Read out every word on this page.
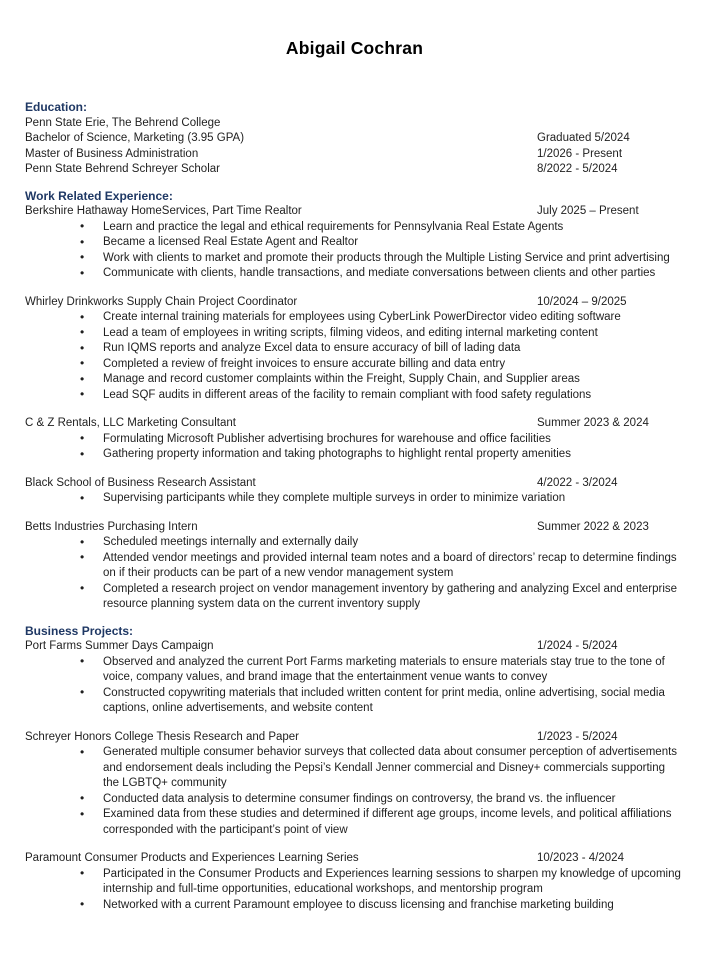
Abigail Cochran
Education:
Penn State Erie, The Behrend College
Bachelor of Science, Marketing (3.95 GPA)	Graduated 5/2024
Master of Business Administration	1/2026 - Present
Penn State Behrend Schreyer Scholar	8/2022 - 5/2024
Work Related Experience:
Berkshire Hathaway HomeServices, Part Time Realtor	July 2025 – Present
• Learn and practice the legal and ethical requirements for Pennsylvania Real Estate Agents
• Became a licensed Real Estate Agent and Realtor
• Work with clients to market and promote their products through the Multiple Listing Service and print advertising
• Communicate with clients, handle transactions, and mediate conversations between clients and other parties
Whirley Drinkworks Supply Chain Project Coordinator	10/2024 – 9/2025
• Create internal training materials for employees using CyberLink PowerDirector video editing software
• Lead a team of employees in writing scripts, filming videos, and editing internal marketing content
• Run IQMS reports and analyze Excel data to ensure accuracy of bill of lading data
• Completed a review of freight invoices to ensure accurate billing and data entry
• Manage and record customer complaints within the Freight, Supply Chain, and Supplier areas
• Lead SQF audits in different areas of the facility to remain compliant with food safety regulations
C & Z Rentals, LLC Marketing Consultant	Summer 2023 & 2024
• Formulating Microsoft Publisher advertising brochures for warehouse and office facilities
• Gathering property information and taking photographs to highlight rental property amenities
Black School of Business Research Assistant	4/2022 - 3/2024
• Supervising participants while they complete multiple surveys in order to minimize variation
Betts Industries Purchasing Intern	Summer 2022 & 2023
• Scheduled meetings internally and externally daily
• Attended vendor meetings and provided internal team notes and a board of directors’ recap to determine findings on if their products can be part of a new vendor management system
• Completed a research project on vendor management inventory by gathering and analyzing Excel and enterprise resource planning system data on the current inventory supply
Business Projects:
Port Farms Summer Days Campaign	1/2024 - 5/2024
• Observed and analyzed the current Port Farms marketing materials to ensure materials stay true to the tone of voice, company values, and brand image that the entertainment venue wants to convey
• Constructed copywriting materials that included written content for print media, online advertising, social media captions, online advertisements, and website content
Schreyer Honors College Thesis Research and Paper	1/2023 - 5/2024
• Generated multiple consumer behavior surveys that collected data about consumer perception of advertisements and endorsement deals including the Pepsi’s Kendall Jenner commercial and Disney+ commercials supporting the LGBTQ+ community
• Conducted data analysis to determine consumer findings on controversy, the brand vs. the influencer
• Examined data from these studies and determined if different age groups, income levels, and political affiliations corresponded with the participant’s point of view
Paramount Consumer Products and Experiences Learning Series	10/2023 - 4/2024
• Participated in the Consumer Products and Experiences learning sessions to sharpen my knowledge of upcoming internship and full-time opportunities, educational workshops, and mentorship program
• Networked with a current Paramount employee to discuss licensing and franchise marketing building
